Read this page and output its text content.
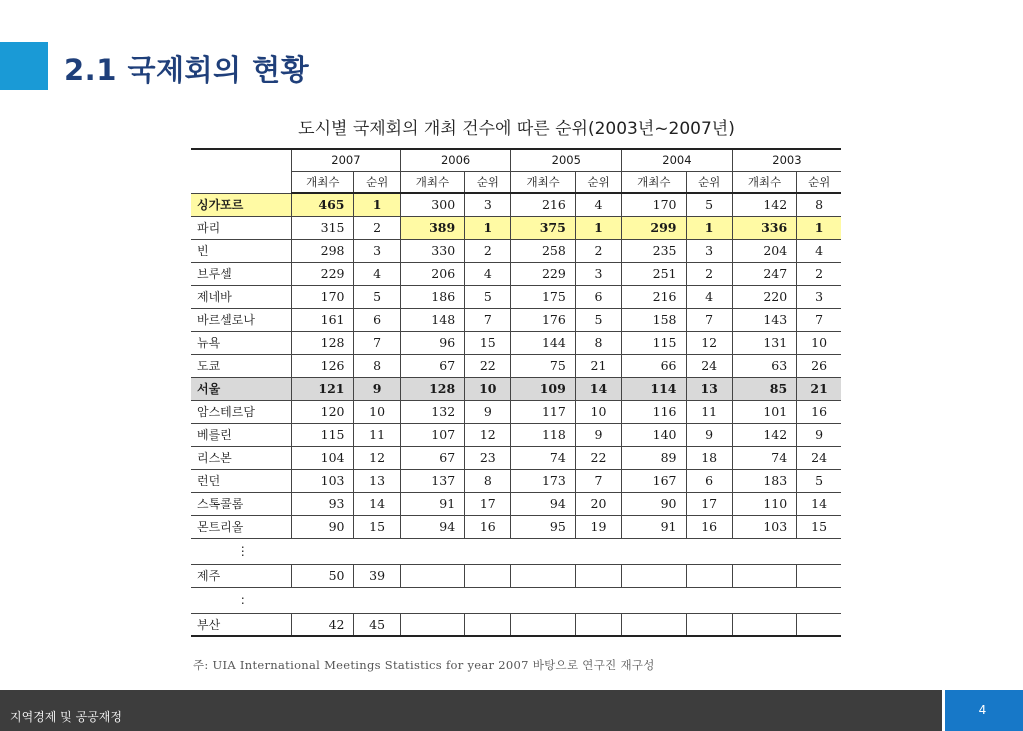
2.1 국제회의 현황
도시별 국제회의 개최 건수에 따른 순위(2003년~2007년)
	2007		2006		2005		2004		2003	
	개최수	순위	개최수	순위	개최수	순위	개최수	순위	개최수	순위
싱가포르	465	1	300	3	216	4	170	5	142	8
파리	315	2	389	1	375	1	299	1	336	1
빈	298	3	330	2	258	2	235	3	204	4
브루셀	229	4	206	4	229	3	251	2	247	2
제네바	170	5	186	5	175	6	216	4	220	3
바르셀로나	161	6	148	7	176	5	158	7	143	7
뉴욕	128	7	96	15	144	8	115	12	131	10
도쿄	126	8	67	22	75	21	66	24	63	26
서울	121	9	128	10	109	14	114	13	85	21
암스테르담	120	10	132	9	117	10	116	11	101	16
베를린	115	11	107	12	118	9	140	9	142	9
리스본	104	12	67	23	74	22	89	18	74	24
런던	103	13	137	8	173	7	167	6	183	5
스톡콜롬	93	14	91	17	94	20	90	17	110	14
몬트리올	90	15	94	16	95	19	91	16	103	15
⋮										
제주	50	39								
:										
부산	42	45								
주: UIA International Meetings Statistics for year 2007 바탕으로 연구진 재구성
지역경제 및 공공재정	4
